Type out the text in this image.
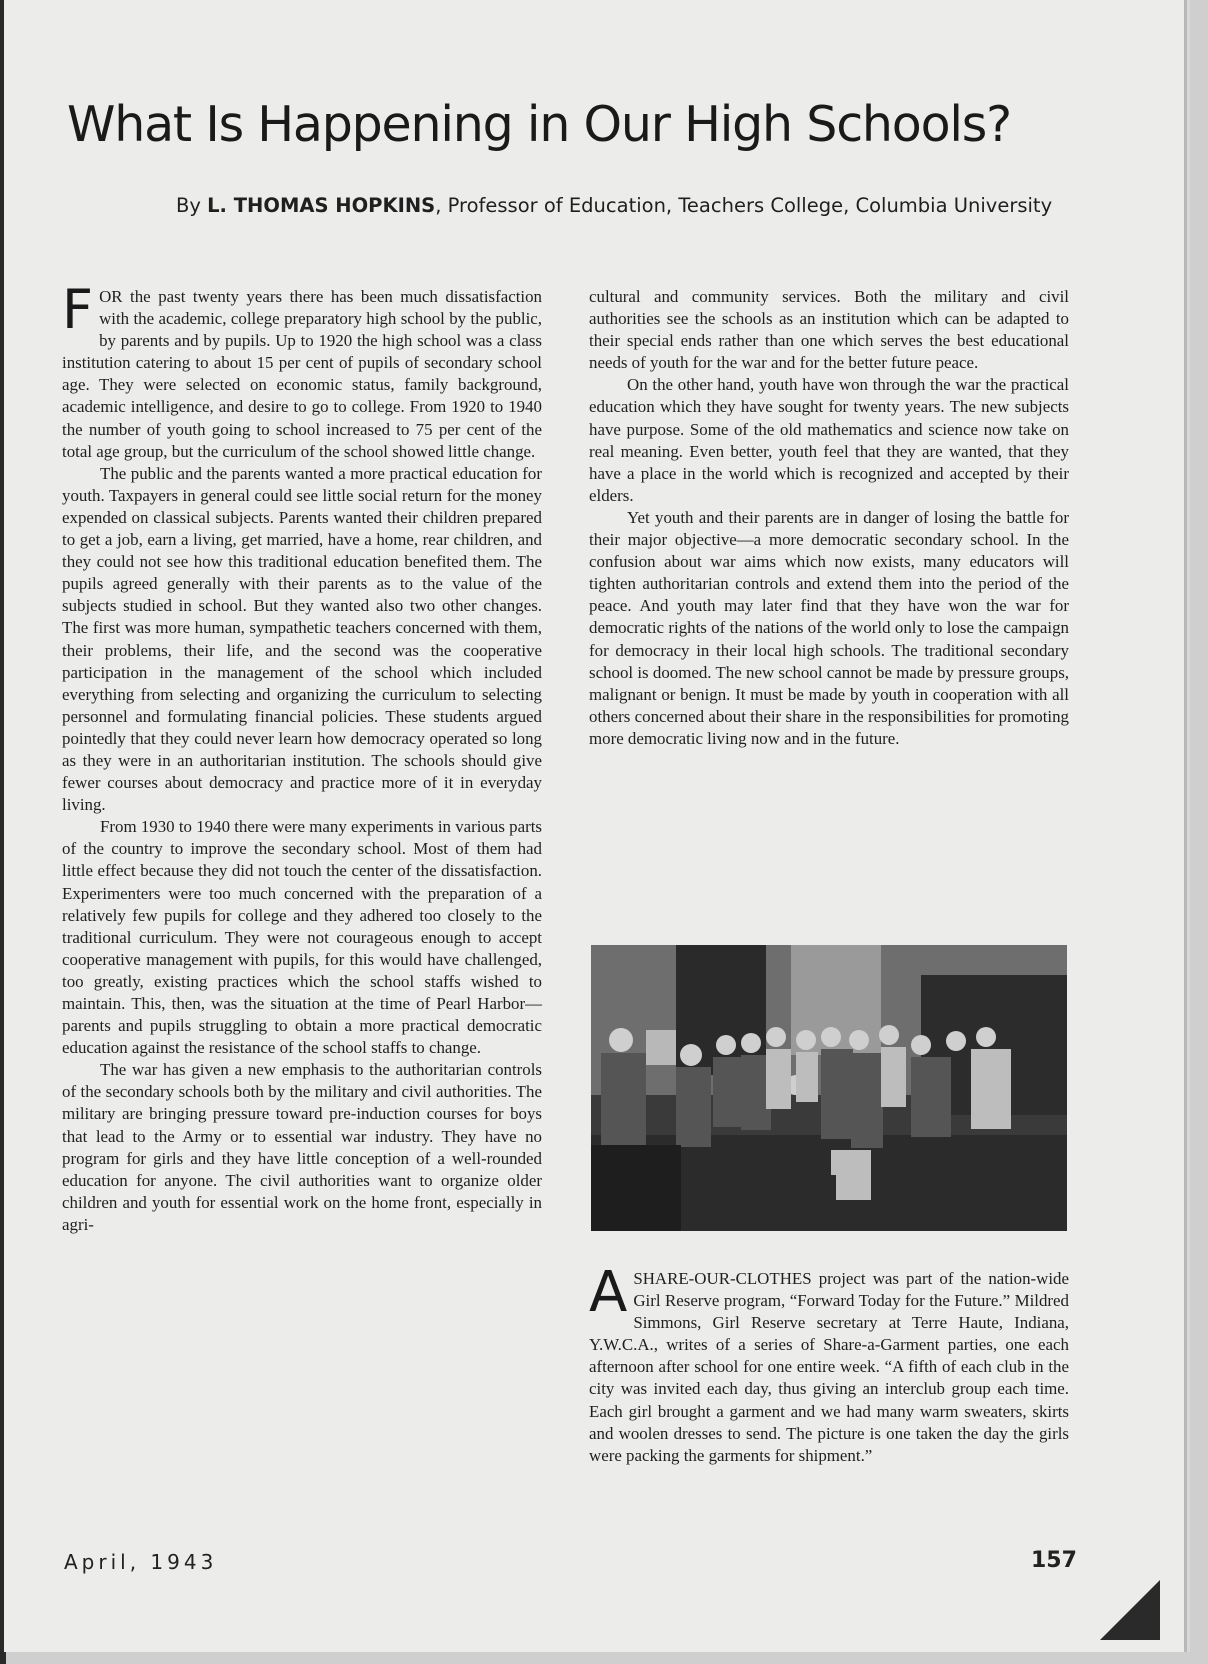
What Is Happening in Our High Schools?

By L. THOMAS HOPKINS, Professor of Education, Teachers College, Columbia University

FOR the past twenty years there has been much dissatisfaction with the academic, college preparatory high school by the public, by parents and by pupils. Up to 1920 the high school was a class institution catering to about 15 per cent of pupils of secondary school age. They were selected on economic status, family background, academic intelligence, and desire to go to college. From 1920 to 1940 the number of youth going to school increased to 75 per cent of the total age group, but the curriculum of the school showed little change.

The public and the parents wanted a more practical education for youth. Taxpayers in general could see little social return for the money expended on classical subjects. Parents wanted their children prepared to get a job, earn a living, get married, have a home, rear children, and they could not see how this traditional education benefited them. The pupils agreed generally with their parents as to the value of the subjects studied in school. But they wanted also two other changes. The first was more human, sympathetic teachers concerned with them, their problems, their life, and the second was the cooperative participation in the management of the school which included everything from selecting and organizing the curriculum to selecting personnel and formulating financial policies. These students argued pointedly that they could never learn how democracy operated so long as they were in an authoritarian institution. The schools should give fewer courses about democracy and practice more of it in everyday living.

From 1930 to 1940 there were many experiments in various parts of the country to improve the secondary school. Most of them had little effect because they did not touch the center of the dissatisfaction. Experimenters were too much concerned with the preparation of a relatively few pupils for college and they adhered too closely to the traditional curriculum. They were not courageous enough to accept cooperative management with pupils, for this would have challenged, too greatly, existing practices which the school staffs wished to maintain. This, then, was the situation at the time of Pearl Harbor—parents and pupils struggling to obtain a more practical democratic education against the resistance of the school staffs to change.

The war has given a new emphasis to the authoritarian controls of the secondary schools both by the military and civil authorities. The military are bringing pressure toward pre-induction courses for boys that lead to the Army or to essential war industry. They have no program for girls and they have little conception of a well-rounded education for anyone. The civil authorities want to organize older children and youth for essential work on the home front, especially in agri-

cultural and community services. Both the military and civil authorities see the schools as an institution which can be adapted to their special ends rather than one which serves the best educational needs of youth for the war and for the better future peace.

On the other hand, youth have won through the war the practical education which they have sought for twenty years. The new subjects have purpose. Some of the old mathematics and science now take on real meaning. Even better, youth feel that they are wanted, that they have a place in the world which is recognized and accepted by their elders.

Yet youth and their parents are in danger of losing the battle for their major objective—a more democratic secondary school. In the confusion about war aims which now exists, many educators will tighten authoritarian controls and extend them into the period of the peace. And youth may later find that they have won the war for democratic rights of the nations of the world only to lose the campaign for democracy in their local high schools. The traditional secondary school is doomed. The new school cannot be made by pressure groups, malignant or benign. It must be made by youth in cooperation with all others concerned about their share in the responsibilities for promoting more democratic living now and in the future.

ASHARE-OUR-CLOTHES project was part of the nation-wide Girl Reserve program, “Forward Today for the Future.” Mildred Simmons, Girl Reserve secretary at Terre Haute, Indiana, Y.W.C.A., writes of a series of Share-a-Garment parties, one each afternoon after school for one entire week. “A fifth of each club in the city was invited each day, thus giving an interclub group each time. Each girl brought a garment and we had many warm sweaters, skirts and woolen dresses to send. The picture is one taken the day the girls were packing the garments for shipment.”

April, 1943	157
